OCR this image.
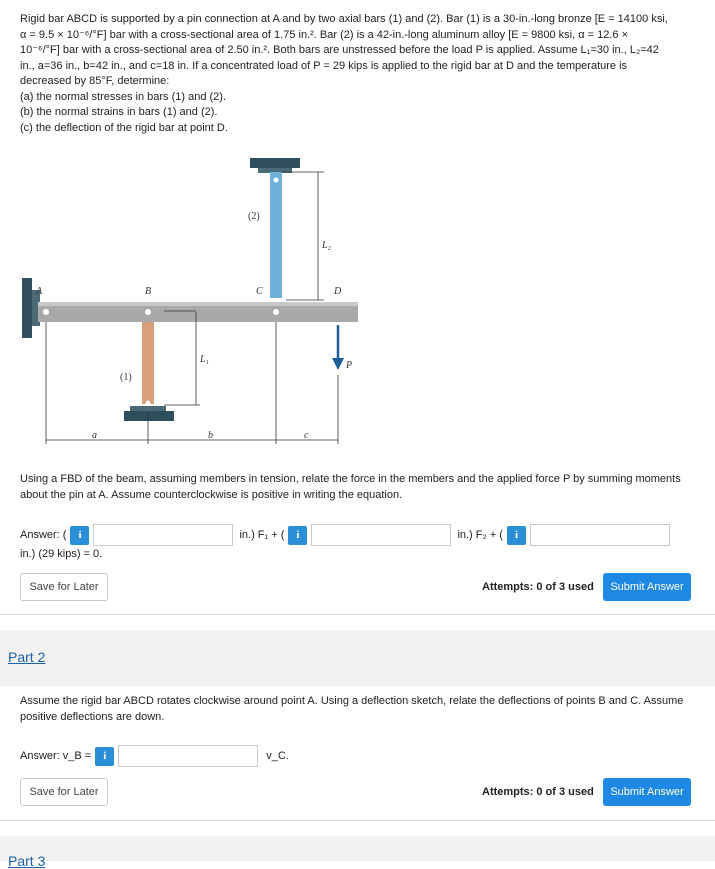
Rigid bar ABCD is supported by a pin connection at A and by two axial bars (1) and (2). Bar (1) is a 30-in.-long bronze [E = 14100 ksi,

α = 9.5 × 10⁻⁶/°F] bar with a cross-sectional area of 1.75 in.². Bar (2) is a 42-in.-long aluminum alloy [E = 9800 ksi, α = 12.6 ×

10⁻⁶/°F] bar with a cross-sectional area of 2.50 in.². Both bars are unstressed before the load P is applied. Assume L₁=30 in., L₂=42

in., a=36 in., b=42 in., and c=18 in. If a concentrated load of P = 29 kips is applied to the rigid bar at D and the temperature is

decreased by 85°F, determine:

(a) the normal stresses in bars (1) and (2).

(b) the normal strains in bars (1) and (2).

(c) the deflection of the rigid bar at point D.

a	b	c
A	B	C	D
(2)
(1)
L₁
L₂
P
Using a FBD of the beam, assuming members in tension, relate the force in the members and the applied force P by summing moments about the pin at A. Assume counterclockwise is positive in writing the equation.
Answer: (	i	in.) F₁ + (	i	in.) F₂ + (	i
in.) (29 kips) = 0.
Save for Later	Attempts: 0 of 3 used	Submit Answer
Part 2
Assume the rigid bar ABCD rotates clockwise around point A. Using a deflection sketch, relate the deflections of points B and C. Assume positive deflections are down.
Answer: v_B =	i	v_C.
Save for Later	Attempts: 0 of 3 used	Submit Answer
Part 3
